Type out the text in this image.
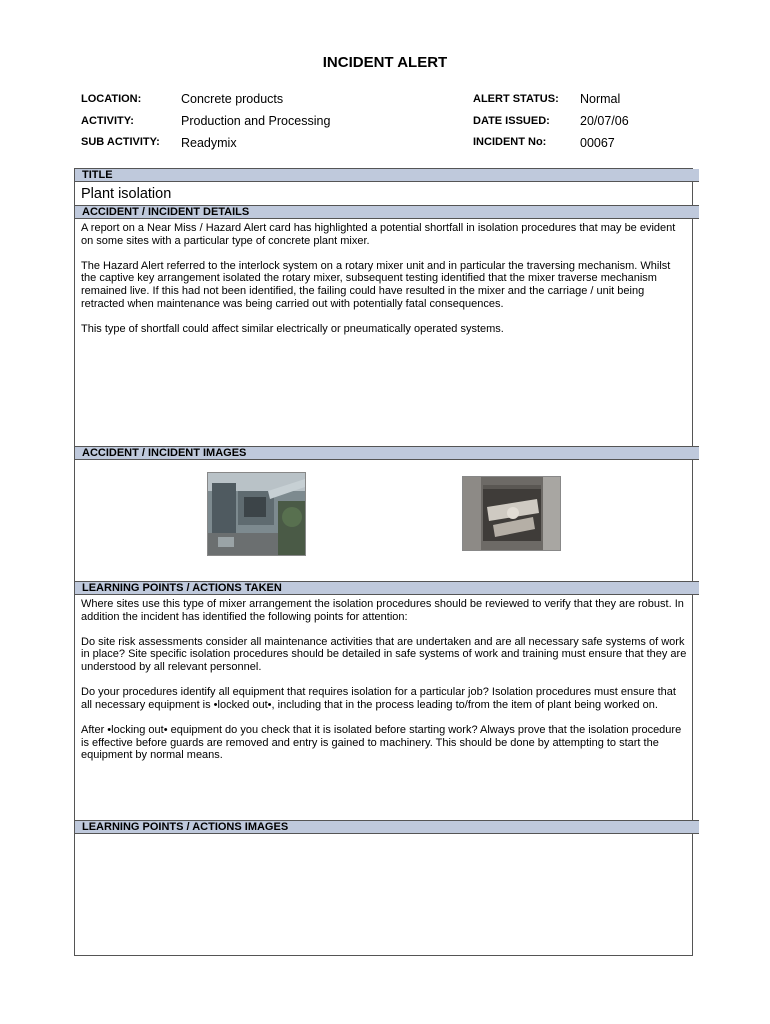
INCIDENT ALERT
LOCATION:	Concrete products
ACTIVITY:	Production and Processing
SUB ACTIVITY: Readymix
ALERT STATUS: Normal
DATE ISSUED: 20/07/06
INCIDENT No:	00067
TITLE
Plant isolation
ACCIDENT / INCIDENT DETAILS

A report on a Near Miss / Hazard Alert card has highlighted a potential shortfall in isolation procedures that may be evident on some sites with a particular type of concrete plant mixer.

The Hazard Alert referred to the interlock system on a rotary mixer unit and in particular the traversing mechanism. Whilst the captive key arrangement isolated the rotary mixer, subsequent testing identified that the mixer traverse mechanism remained live. If this had not been identified, the failing could have resulted in the mixer and the carriage / unit being retracted when maintenance was being carried out with potentially fatal consequences.

This type of shortfall could affect similar electrically or pneumatically operated systems.

ACCIDENT / INCIDENT IMAGES
LEARNING POINTS / ACTIONS TAKEN

Where sites use this type of mixer arrangement the isolation procedures should be reviewed to verify that they are robust. In addition the incident has identified the following points for attention:

Do site risk assessments consider all maintenance activities that are undertaken and are all necessary safe systems of work in place? Site specific isolation procedures should be detailed in safe systems of work and training must ensure that they are understood by all relevant personnel.

Do your procedures identify all equipment that requires isolation for a particular job? Isolation procedures must ensure that all necessary equipment is •locked out•, including that in the process leading to/from the item of plant being worked on.

After •locking out• equipment do you check that it is isolated before starting work? Always prove that the isolation procedure is effective before guards are removed and entry is gained to machinery. This should be done by attempting to start the equipment by normal means.

LEARNING POINTS / ACTIONS IMAGES
